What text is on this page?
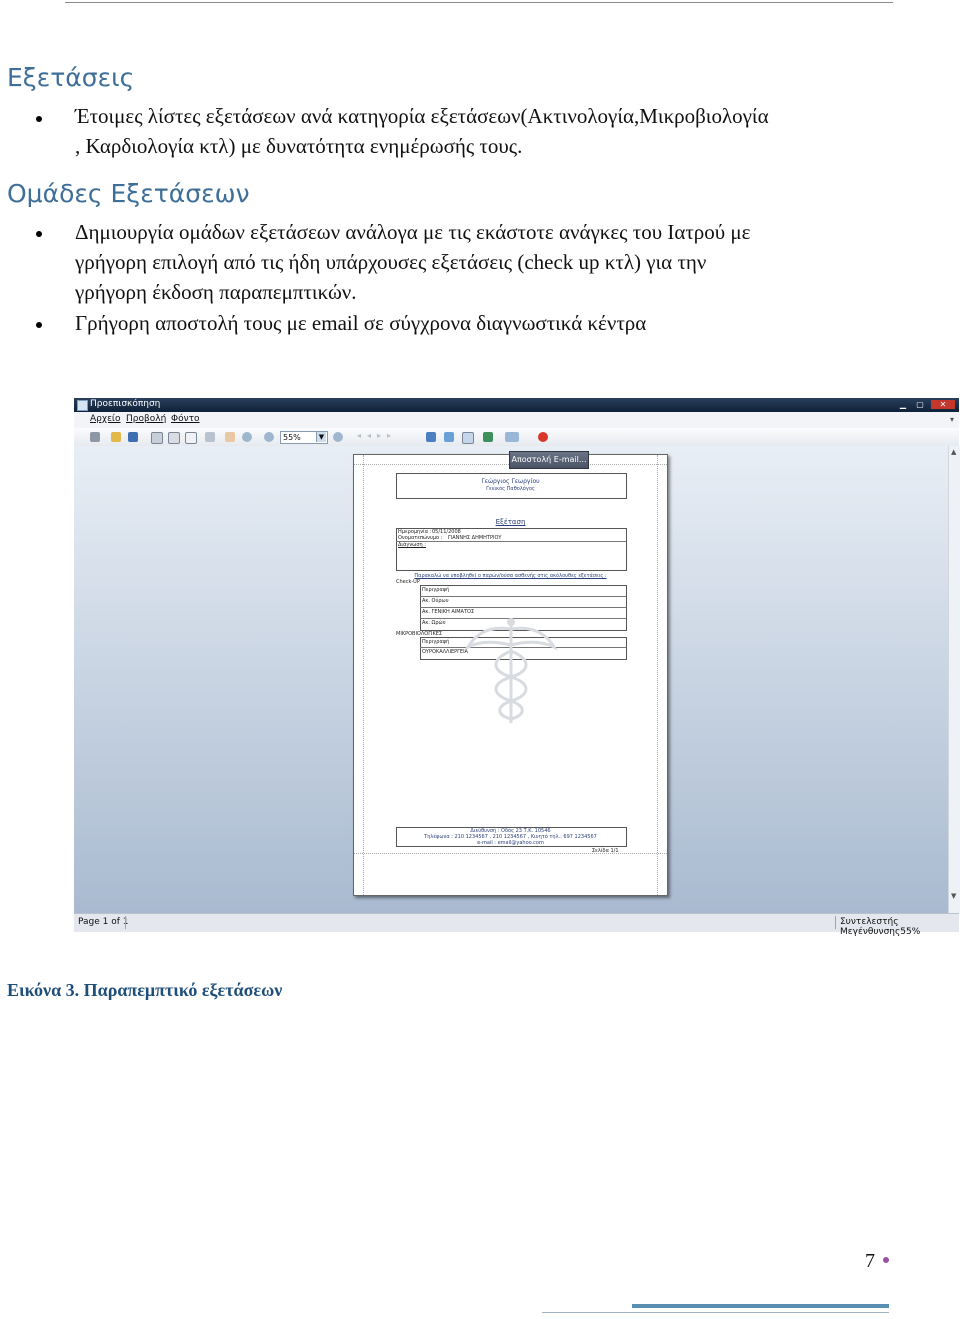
Εξετάσεις
Έτοιμες λίστες εξετάσεων ανά κατηγορία εξετάσεων(Ακτινολογία,Μικροβιολογία
, Καρδιολογία κτλ) με δυνατότητα ενημέρωσής τους.
Ομάδες Εξετάσεων
Δημιουργία ομάδων εξετάσεων ανάλογα με τις εκάστοτε ανάγκες του Ιατρού με
γρήγορη επιλογή από τις ήδη υπάρχουσες εξετάσεις (check up κτλ) για την
γρήγορη έκδοση παραπεμπτικών.
Γρήγορη αποστολή τους με email σε σύγχρονα διαγνωστικά κέντρα
Προεπισκόπηση	▁	▢	✕
Αρχείο Προβολή Φόντο	▾
55%	▼	◂◂▸▸
▲
▼
Γεώργιος Γεωργίου
Γενικός Παθολόγος
Εξέταση
Ημερομηνία : 05/11/2008
Ονοματεπώνυμο : ΓΙΑΝΝΗΣ ΔΗΜΗΤΡΙΟΥ
Διάγνωση :
Παρακαλώ να υποβληθεί ο παρών/ούσα ασθενής στις ακόλουθες εξετάσεις :
Check-UP
Περιγραφή
Ακ. Ούρων
Ακ. ΓΕΝΙΚΗ ΑΙΜΑΤΟΣ
Ακ. Ωρών
ΜΙΚΡΟΒΙΟΛΟΓΙΚΕΣ
Περιγραφή
ΟΥΡΟΚΑΛΛΙΕΡΓΕΙΑ
Διεύθυνση : Οδός 23 Τ.Κ. 10546
Τηλέφωνα : 210 1234567 , 210 1234567 , Κινητό τηλ.: 697 1234567
e-mail : email@yahoo.com
Σελίδα 1/1
Αποστολή E-mail...
Page 1 of 1	Συντελεστής Μεγένθυνσης55%
Εικόνα 3. Παραπεμπτικό εξετάσεων
7
